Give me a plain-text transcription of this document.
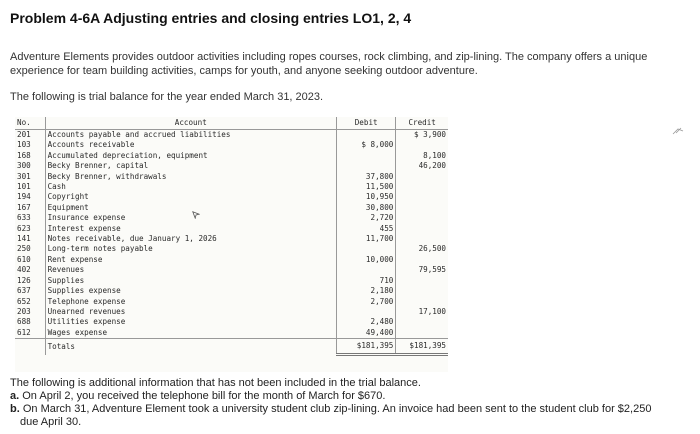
Problem 4-6A Adjusting entries and closing entries LO1, 2, 4
Adventure Elements provides outdoor activities including ropes courses, rock climbing, and zip-lining. The company offers a unique experience for team building activities, camps for youth, and anyone seeking outdoor adventure.
The following is trial balance for the year ended March 31, 2023.
No.	Account	Debit	Credit
201	Accounts payable and accrued liabilities		$ 3,900
103	Accounts receivable	$ 8,000	
168	Accumulated depreciation, equipment		8,100
300	Becky Brenner, capital		46,200
301	Becky Brenner, withdrawals	37,800	
101	Cash	11,500	
194	Copyright	10,950	
167	Equipment	30,800	
633	Insurance expense	2,720	
623	Interest expense	455	
141	Notes receivable, due January 1, 2026	11,700	
250	Long-term notes payable		26,500
610	Rent expense	10,000	
402	Revenues		79,595
126	Supplies	710	
637	Supplies expense	2,180	
652	Telephone expense	2,700	
203	Unearned revenues		17,100
688	Utilities expense	2,480	
612	Wages expense	49,400	
	Totals	$181,395	$181,395
The following is additional information that has not been included in the trial balance.
a. On April 2, you received the telephone bill for the month of March for $670.
b. On March 31, Adventure Element took a university student club zip-lining. An invoice had been sent to the student club for $2,250
due April 30.
